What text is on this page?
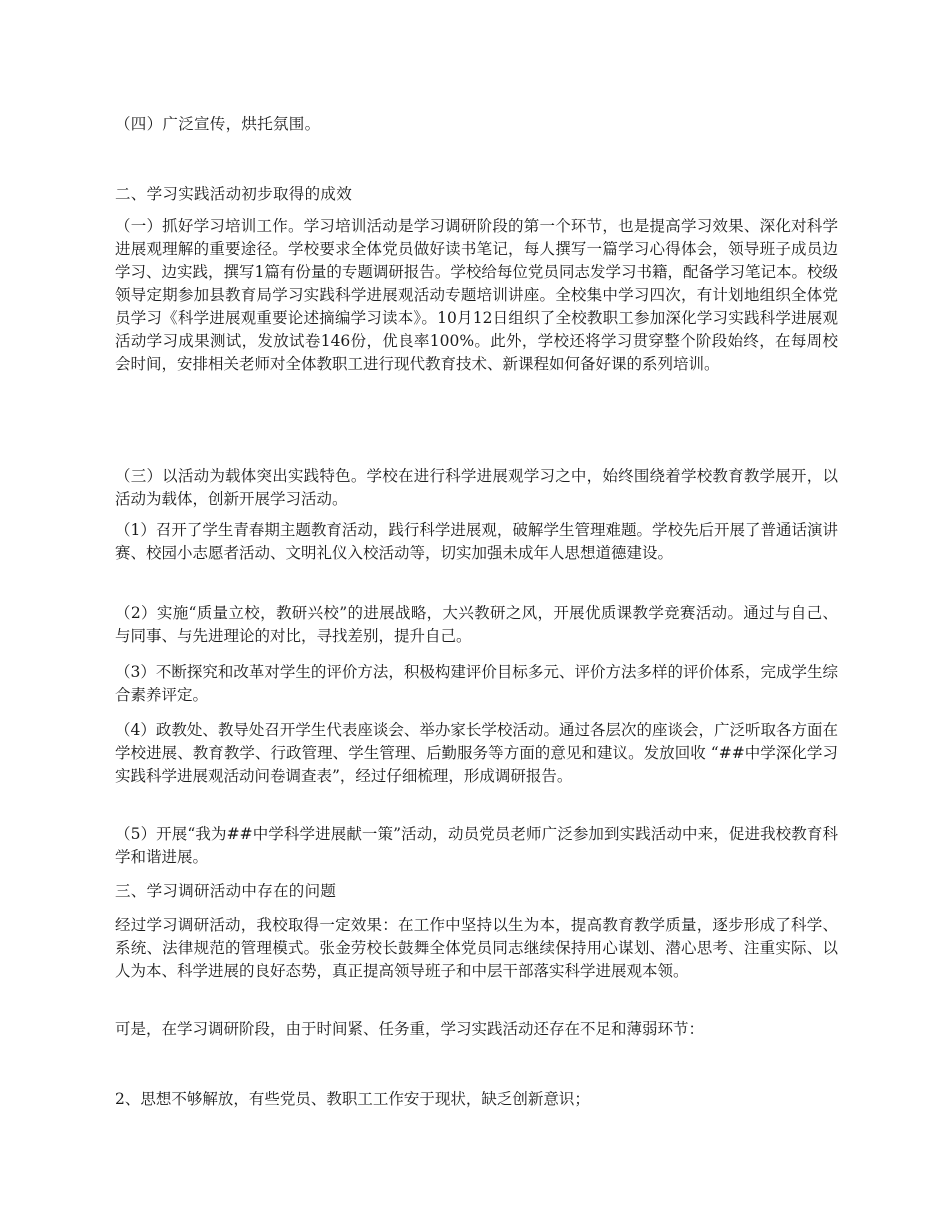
（四）广泛宣传，烘托氛围。

二、学习实践活动初步取得的成效

（一）抓好学习培训工作。学习培训活动是学习调研阶段的第一个环节，也是提高学习效果、深化对科学进展观理解的重要途径。学校要求全体党员做好读书笔记，每人撰写一篇学习心得体会，领导班子成员边学习、边实践，撰写1篇有份量的专题调研报告。学校给每位党员同志发学习书籍，配备学习笔记本。校级领导定期参加县教育局学习实践科学进展观活动专题培训讲座。全校集中学习四次，有计划地组织全体党员学习《科学进展观重要论述摘编学习读本》。10月12日组织了全校教职工参加深化学习实践科学进展观活动学习成果测试，发放试卷146份，优良率100%。此外，学校还将学习贯穿整个阶段始终，在每周校会时间，安排相关老师对全体教职工进行现代教育技术、新课程如何备好课的系列培训。

（三）以活动为载体突出实践特色。学校在进行科学进展观学习之中，始终围绕着学校教育教学展开，以活动为载体，创新开展学习活动。

（1）召开了学生青春期主题教育活动，践行科学进展观，破解学生管理难题。学校先后开展了普通话演讲赛、校园小志愿者活动、文明礼仪入校活动等，切实加强未成年人思想道德建设。

（2）实施“质量立校，教研兴校”的进展战略，大兴教研之风，开展优质课教学竞赛活动。通过与自己、与同事、与先进理论的对比，寻找差别，提升自己。

（3）不断探究和改革对学生的评价方法，积极构建评价目标多元、评价方法多样的评价体系，完成学生综合素养评定。

（4）政教处、教导处召开学生代表座谈会、举办家长学校活动。通过各层次的座谈会，广泛听取各方面在学校进展、教育教学、行政管理、学生管理、后勤服务等方面的意见和建议。发放回收 “##中学深化学习实践科学进展观活动问卷调查表”，经过仔细梳理，形成调研报告。

（5）开展“我为##中学科学进展献一策”活动，动员党员老师广泛参加到实践活动中来，促进我校教育科学和谐进展。

三、学习调研活动中存在的问题

经过学习调研活动，我校取得一定效果：在工作中坚持以生为本，提高教育教学质量，逐步形成了科学、系统、法律规范的管理模式。张金劳校长鼓舞全体党员同志继续保持用心谋划、潜心思考、注重实际、以人为本、科学进展的良好态势，真正提高领导班子和中层干部落实科学进展观本领。

可是，在学习调研阶段，由于时间紧、任务重，学习实践活动还存在不足和薄弱环节：

2、思想不够解放，有些党员、教职工工作安于现状，缺乏创新意识；
